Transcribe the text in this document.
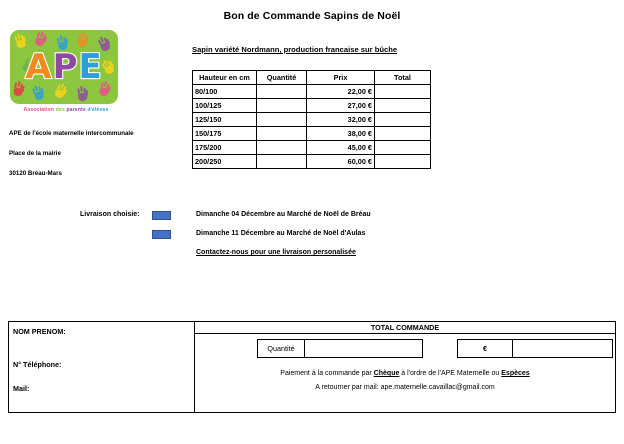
Bon de Commande Sapins de Noël
APE
Association des parents d'élèves
APE de l'école maternelle intercommunale
Place de la mairie
30120 Bréau-Mars
Sapin variété Nordmann, production francaise sur bûche
Hauteur en cm	Quantité	Prix	Total
80/100		22,00 €	
100/125		27,00 €	
125/150		32,00 €	
150/175		38,00 €	
175/200		45,00 €	
200/250		60,00 €	
Livraison choisie:	Dimanche 04 Décembre au Marché de Noël de Bréau
Dimanche 11 Décembre au Marché de Noël d'Aulas
Contactez-nous pour une livraison personalisée
NOM PRENOM:
N° Téléphone:
Mail:
TOTAL COMMANDE
Quantité	€
Paiement à la commande par Chèque à l'ordre de l'APE Maternelle ou Espèces
A retourner par mail: ape.maternelle.cavaillac@gmail.com
